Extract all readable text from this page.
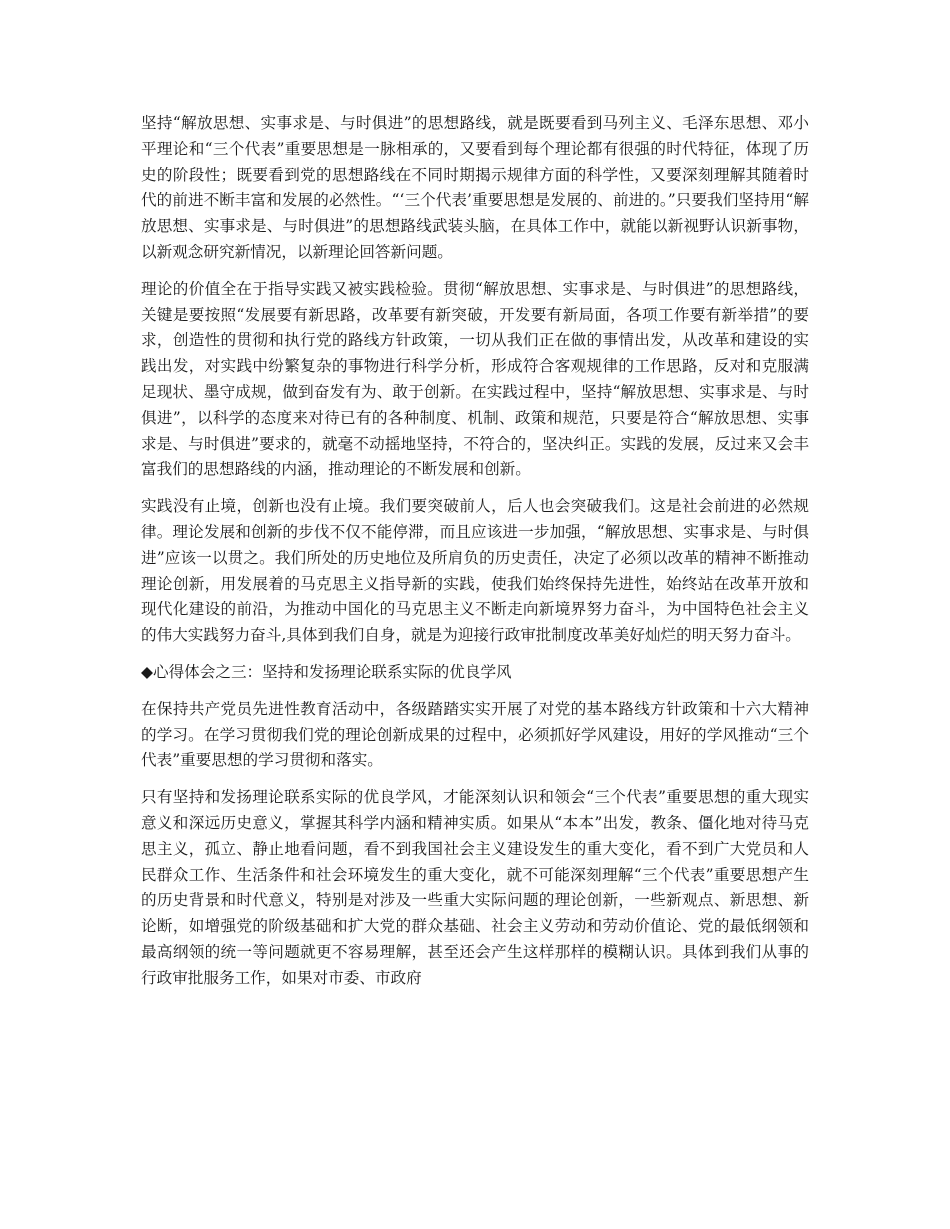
坚持“解放思想、实事求是、与时俱进”的思想路线，就是既要看到马列主义、毛泽东思想、邓小平理论和“三个代表”重要思想是一脉相承的，又要看到每个理论都有很强的时代特征，体现了历史的阶段性；既要看到党的思想路线在不同时期揭示规律方面的科学性，又要深刻理解其随着时代的前进不断丰富和发展的必然性。“‘三个代表’重要思想是发展的、前进的。”只要我们坚持用“解放思想、实事求是、与时俱进”的思想路线武装头脑，在具体工作中，就能以新视野认识新事物，以新观念研究新情况，以新理论回答新问题。

理论的价值全在于指导实践又被实践检验。贯彻“解放思想、实事求是、与时俱进”的思想路线，关键是要按照“发展要有新思路，改革要有新突破，开发要有新局面，各项工作要有新举措”的要求，创造性的贯彻和执行党的路线方针政策，一切从我们正在做的事情出发，从改革和建设的实践出发，对实践中纷繁复杂的事物进行科学分析，形成符合客观规律的工作思路，反对和克服满足现状、墨守成规，做到奋发有为、敢于创新。在实践过程中，坚持“解放思想、实事求是、与时俱进”，以科学的态度来对待已有的各种制度、机制、政策和规范，只要是符合“解放思想、实事求是、与时俱进”要求的，就毫不动摇地坚持，不符合的，坚决纠正。实践的发展，反过来又会丰富我们的思想路线的内涵，推动理论的不断发展和创新。

实践没有止境，创新也没有止境。我们要突破前人，后人也会突破我们。这是社会前进的必然规律。理论发展和创新的步伐不仅不能停滞，而且应该进一步加强，“解放思想、实事求是、与时俱进”应该一以贯之。我们所处的历史地位及所肩负的历史责任，决定了必须以改革的精神不断推动理论创新，用发展着的马克思主义指导新的实践，使我们始终保持先进性，始终站在改革开放和现代化建设的前沿，为推动中国化的马克思主义不断走向新境界努力奋斗，为中国特色社会主义的伟大实践努力奋斗,具体到我们自身，就是为迎接行政审批制度改革美好灿烂的明天努力奋斗。

◆心得体会之三：坚持和发扬理论联系实际的优良学风

在保持共产党员先进性教育活动中，各级踏踏实实开展了对党的基本路线方针政策和十六大精神的学习。在学习贯彻我们党的理论创新成果的过程中，必须抓好学风建设，用好的学风推动“三个代表”重要思想的学习贯彻和落实。

只有坚持和发扬理论联系实际的优良学风，才能深刻认识和领会“三个代表”重要思想的重大现实意义和深远历史意义，掌握其科学内涵和精神实质。如果从“本本”出发，教条、僵化地对待马克思主义，孤立、静止地看问题，看不到我国社会主义建设发生的重大变化，看不到广大党员和人民群众工作、生活条件和社会环境发生的重大变化，就不可能深刻理解“三个代表”重要思想产生的历史背景和时代意义，特别是对涉及一些重大实际问题的理论创新，一些新观点、新思想、新论断，如增强党的阶级基础和扩大党的群众基础、社会主义劳动和劳动价值论、党的最低纲领和最高纲领的统一等问题就更不容易理解，甚至还会产生这样那样的模糊认识。具体到我们从事的行政审批服务工作，如果对市委、市政府
